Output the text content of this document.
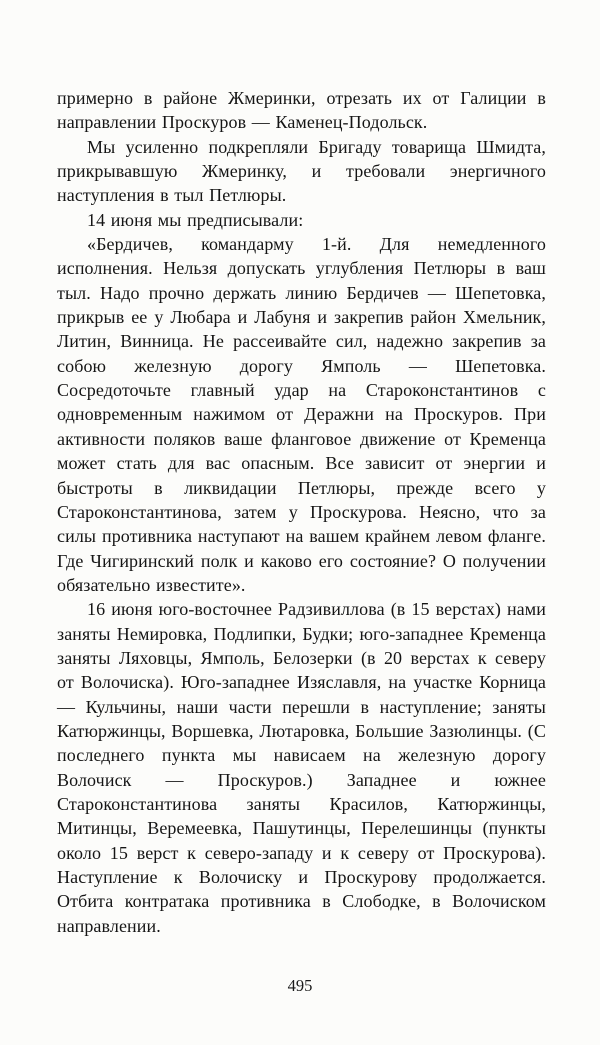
примерно в районе Жмеринки, отрезать их от Галиции в направлении Проскуров — Каменец-Подольск.

Мы усиленно подкрепляли Бригаду товарища Шмидта, прикрывавшую Жмеринку, и требовали энергичного наступления в тыл Петлюры.

14 июня мы предписывали:

«Бердичев, командарму 1-й. Для немедленного исполнения. Нельзя допускать углубления Петлюры в ваш тыл. Надо прочно держать линию Бердичев — Шепетовка, прикрыв ее у Любара и Лабуня и закрепив район Хмельник, Литин, Винница. Не рассеивайте сил, надежно закрепив за собою железную дорогу Ямполь — Шепетовка. Сосредоточьте главный удар на Староконстантинов с одновременным нажимом от Деражни на Проскуров. При активности поляков ваше фланговое движение от Кременца может стать для вас опасным. Все зависит от энергии и быстроты в ликвидации Петлюры, прежде всего у Староконстантинова, затем у Проскурова. Неясно, что за силы противника наступают на вашем крайнем левом фланге. Где Чигиринский полк и каково его состояние? О получении обязательно известите».

16 июня юго-восточнее Радзивиллова (в 15 верстах) нами заняты Немировка, Подлипки, Будки; юго-западнее Кременца заняты Ляховцы, Ямполь, Белозерки (в 20 верстах к северу от Волочиска). Юго-западнее Изяславля, на участке Корница — Кульчины, наши части перешли в наступление; заняты Катюржинцы, Воршевка, Лютаровка, Большие Зазюлинцы. (С последнего пункта мы нависаем на железную дорогу Волочиск — Проскуров.) Западнее и южнее Староконстантинова заняты Красилов, Катюржинцы, Митинцы, Веремеевка, Пашутинцы, Перелешинцы (пункты около 15 верст к северо-западу и к северу от Проскурова). Наступление к Волочиску и Проскурову продолжается. Отбита контратака противника в Слободке, в Волочиском направлении.

495
